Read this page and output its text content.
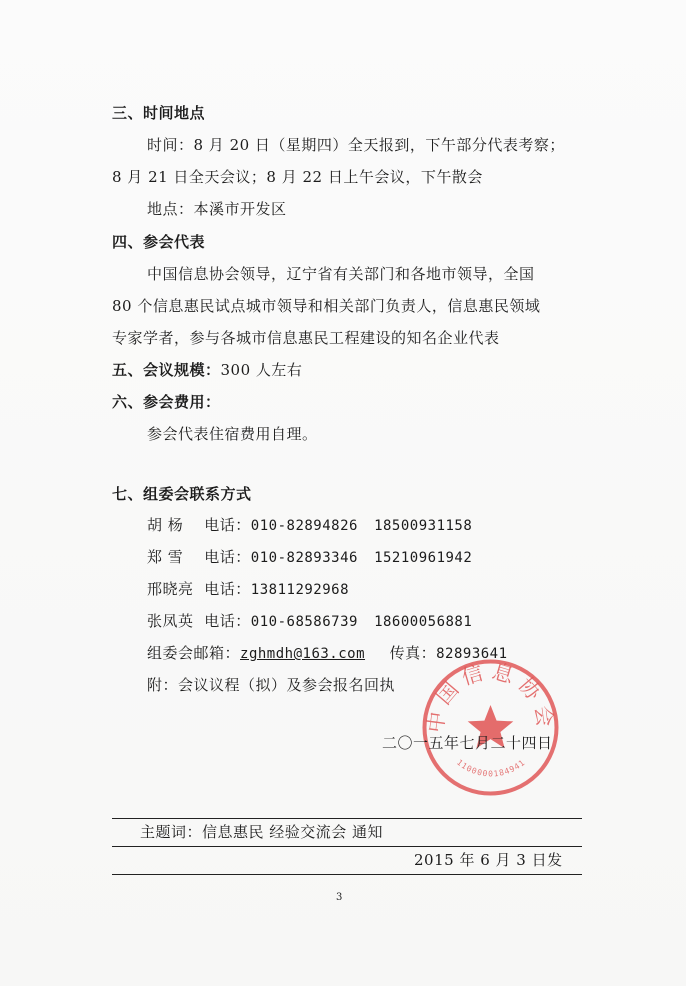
三、时间地点
时间：8 月 20 日（星期四）全天报到，下午部分代表考察；
8 月 21 日全天会议；8 月 22 日上午会议，下午散会
地点：本溪市开发区
四、参会代表
中国信息协会领导，辽宁省有关部门和各地市领导，全国
80 个信息惠民试点城市领导和相关部门负责人，信息惠民领域
专家学者，参与各城市信息惠民工程建设的知名企业代表
五、会议规模：300 人左右
六、参会费用：
参会代表住宿费用自理。
七、组委会联系方式
胡 杨 电话：010-82894826 18500931158
郑 雪 电话：010-82893346 15210961942
邢晓亮 电话：13811292968
张凤英 电话：010-68586739 18600056881
组委会邮箱：zghmdh@163.com 传真：82893641
附：会议议程（拟）及参会报名回执
中国信息协会
1100000184941
二〇一五年七月二十四日
主题词：信息惠民 经验交流会 通知
2015 年 6 月 3 日发
3
